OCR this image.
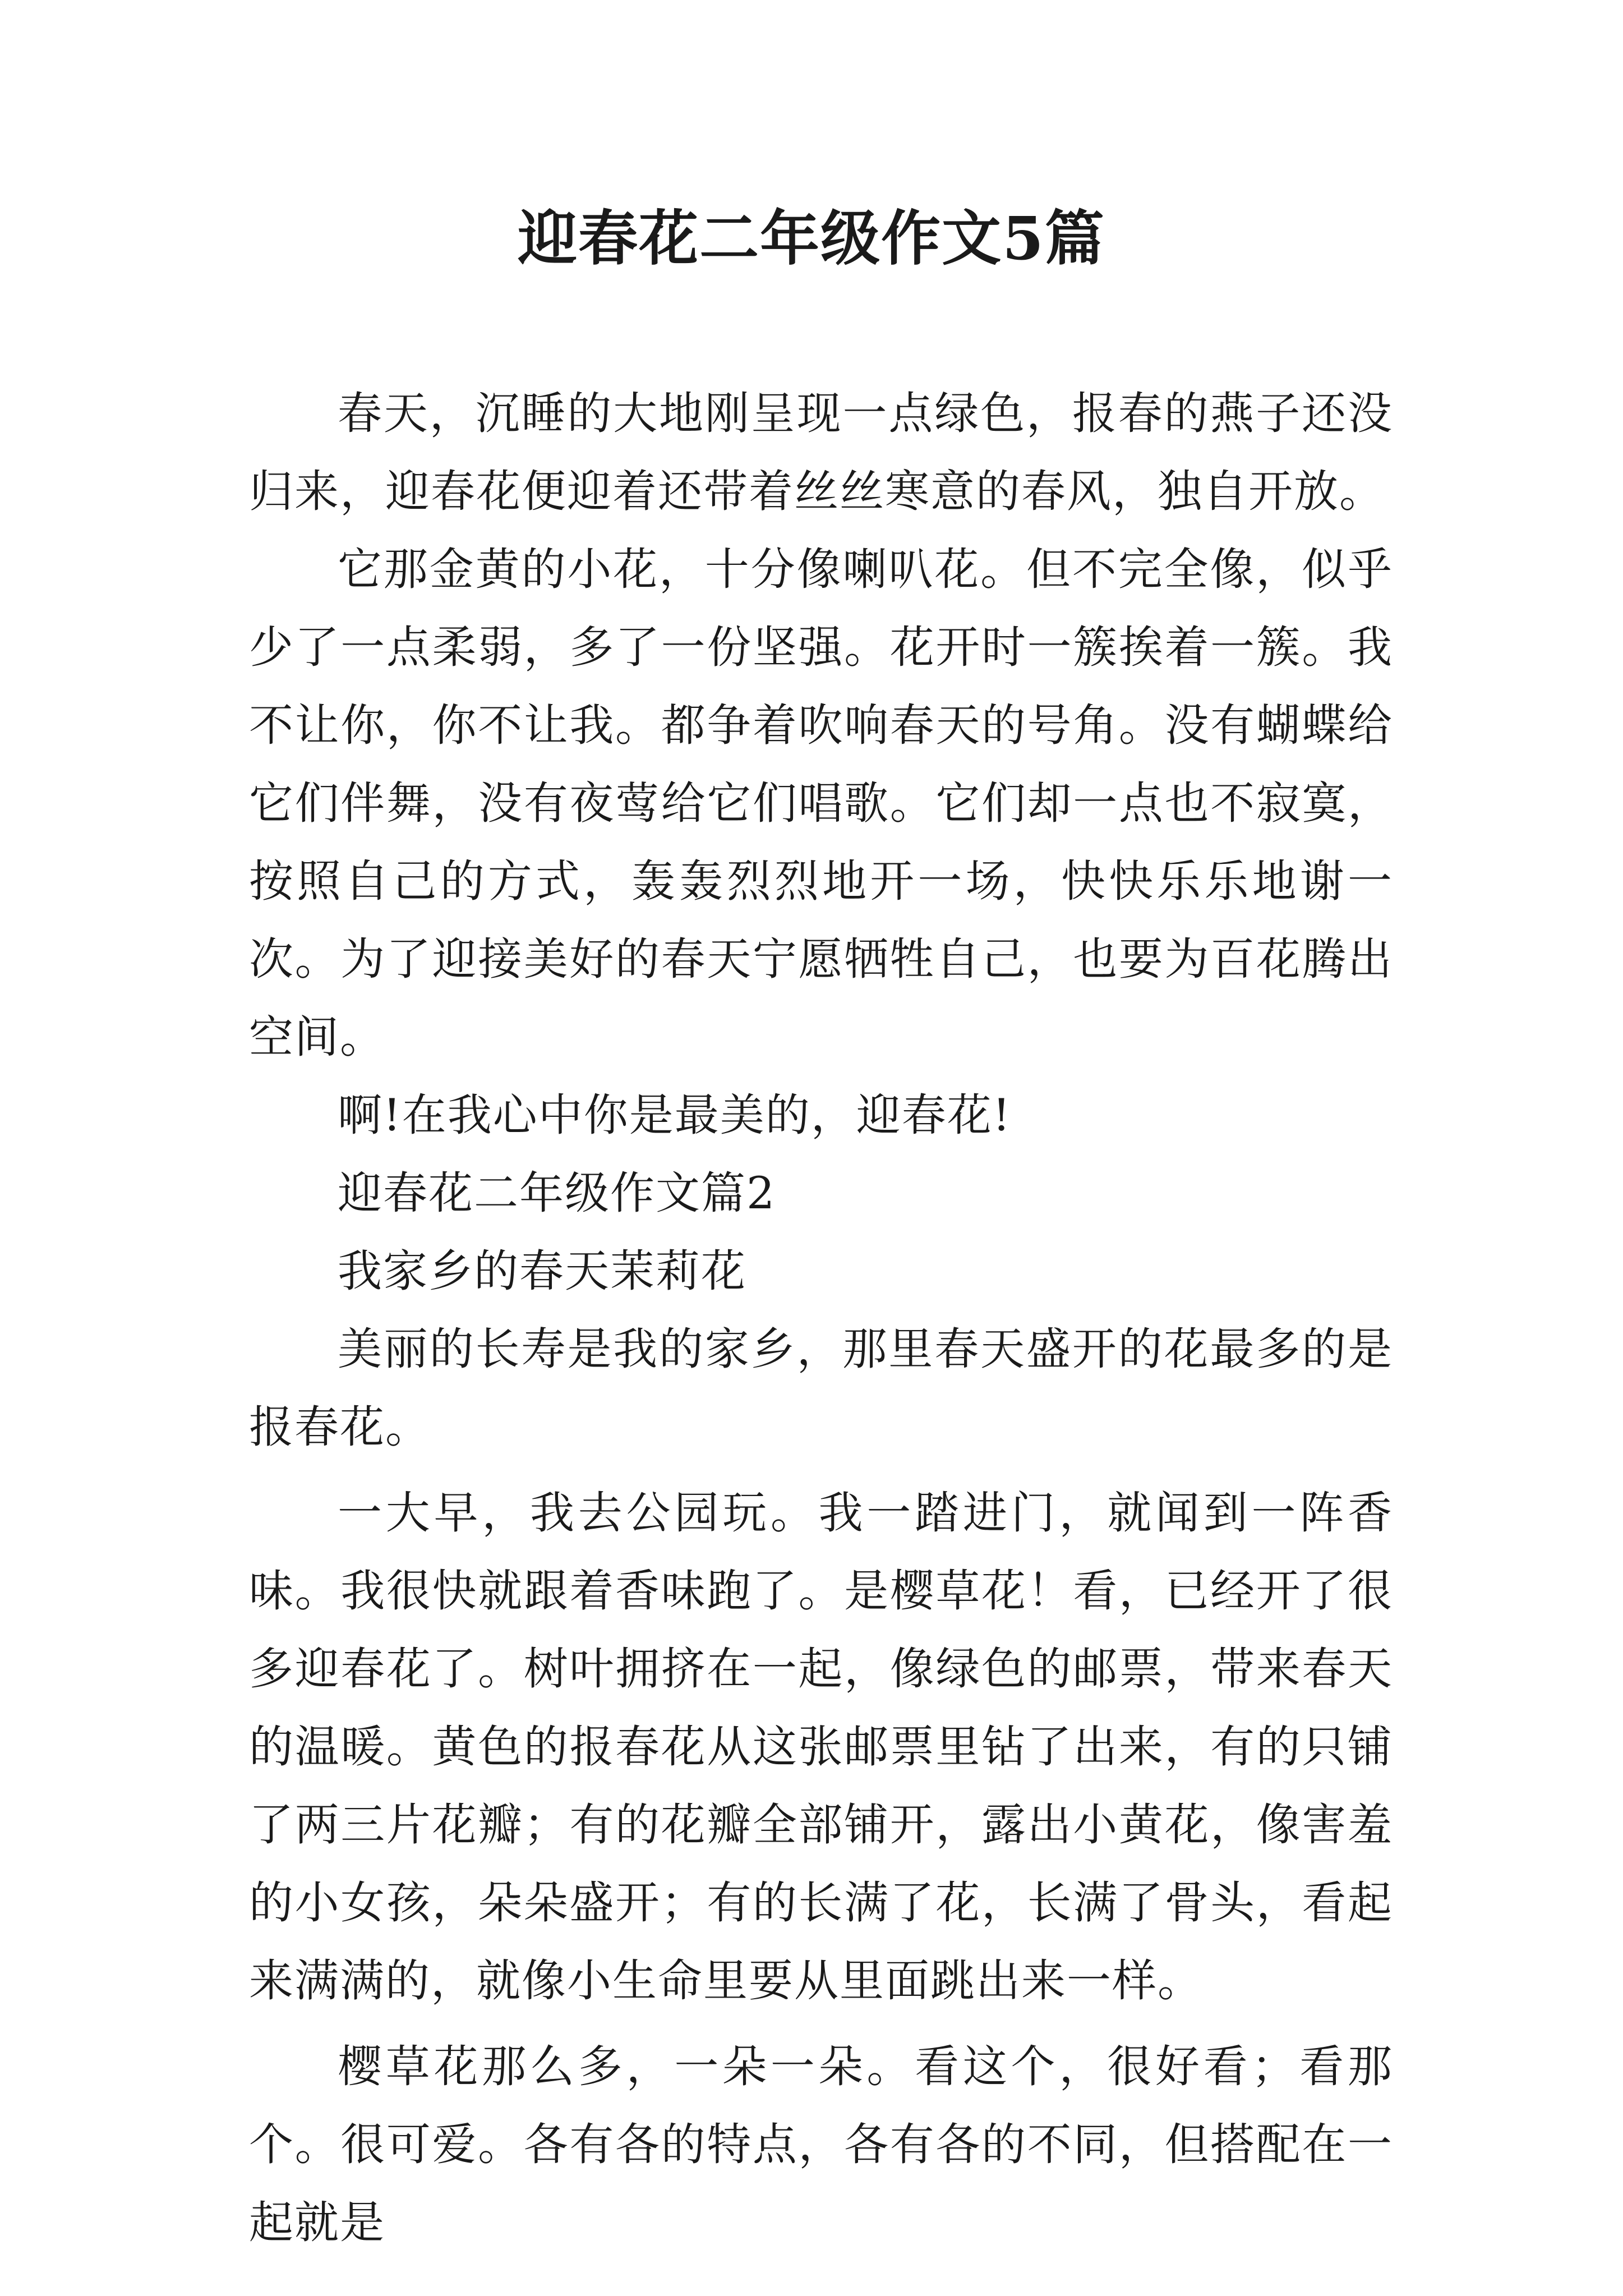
迎春花二年级作文5篇

春天，沉睡的大地刚呈现一点绿色，报春的燕子还没归来，迎春花便迎着还带着丝丝寒意的春风，独自开放。

它那金黄的小花，十分像喇叭花。但不完全像，似乎少了一点柔弱，多了一份坚强。花开时一簇挨着一簇。我不让你，你不让我。都争着吹响春天的号角。没有蝴蝶给它们伴舞，没有夜莺给它们唱歌。它们却一点也不寂寞，按照自己的方式，轰轰烈烈地开一场，快快乐乐地谢一次。为了迎接美好的春天宁愿牺牲自己，也要为百花腾出空间。

啊!在我心中你是最美的，迎春花!

迎春花二年级作文篇2

我家乡的春天茉莉花

美丽的长寿是我的家乡，那里春天盛开的花最多的是报春花。

一大早，我去公园玩。我一踏进门，就闻到一阵香味。我很快就跟着香味跑了。是樱草花！看，已经开了很多迎春花了。树叶拥挤在一起，像绿色的邮票，带来春天的温暖。黄色的报春花从这张邮票里钻了出来，有的只铺了两三片花瓣；有的花瓣全部铺开，露出小黄花，像害羞的小女孩，朵朵盛开；有的长满了花，长满了骨头，看起来满满的，就像小生命里要从里面跳出来一样。

樱草花那么多，一朵一朵。看这个，很好看；看那个。很可爱。各有各的特点，各有各的不同，但搭配在一起就是
